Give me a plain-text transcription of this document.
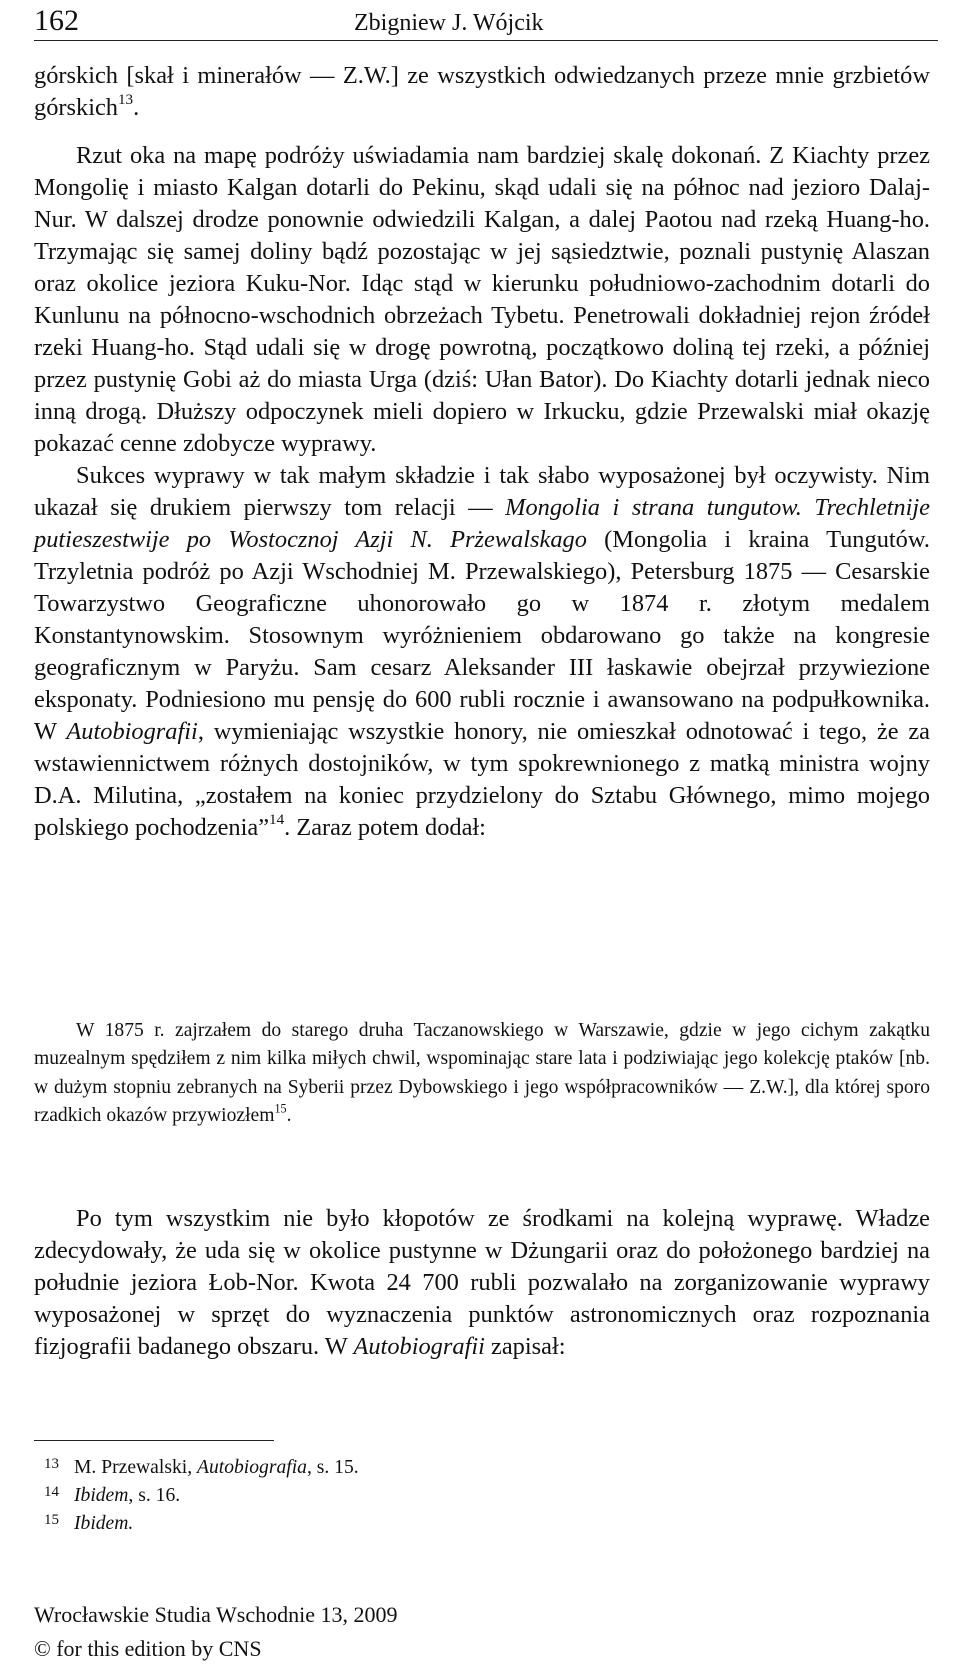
162	Zbigniew J. Wójcik

górskich [skał i minerałów — Z.W.] ze wszystkich odwiedzanych przeze mnie grzbietów górskich$^{13}$.

Rzut oka na mapę podróży uświadamia nam bardziej skalę dokonań. Z Kiachty przez Mongolię i miasto Kalgan dotarli do Pekinu, skąd udali się na północ nad jezioro Dalaj-Nur. W dalszej drodze ponownie odwiedzili Kalgan, a dalej Paotou nad rzeką Huang-ho. Trzymając się samej doliny bądź pozostając w jej sąsiedztwie, poznali pustynię Alaszan oraz okolice jeziora Kuku-Nor. Idąc stąd w kierunku południowo-zachodnim dotarli do Kunlunu na północno-wschodnich obrzeżach Tybetu. Penetrowali dokładniej rejon źródeł rzeki Huang-ho. Stąd udali się w drogę powrotną, początkowo doliną tej rzeki, a później przez pustynię Gobi aż do miasta Urga (dziś: Ułan Bator). Do Kiachty dotarli jednak nieco inną drogą. Dłuższy odpoczynek mieli dopiero w Irkucku, gdzie Przewalski miał okazję pokazać cenne zdobycze wyprawy.

Sukces wyprawy w tak małym składzie i tak słabo wyposażonej był oczywisty. Nim ukazał się drukiem pierwszy tom relacji — Mongolia i strana tungutow. Trechletnije putieszestwije po Wostocznoj Azji N. Prżewalskago (Mongolia i kraina Tungutów. Trzyletnia podróż po Azji Wschodniej M. Przewalskiego), Petersburg 1875 — Cesarskie Towarzystwo Geograficzne uhonorowało go w 1874 r. złotym medalem Konstantynowskim. Stosownym wyróżnieniem obdarowano go także na kongresie geograficznym w Paryżu. Sam cesarz Aleksander III łaskawie obejrzał przywiezione eksponaty. Podniesiono mu pensję do 600 rubli rocznie i awansowano na podpułkownika. W Autobiografii, wymieniając wszystkie honory, nie omieszkał odnotować i tego, że za wstawiennictwem różnych dostojników, w tym spokrewnionego z matką ministra wojny D.A. Milutina, „zostałem na koniec przydzielony do Sztabu Głównego, mimo mojego polskiego pochodzenia”$^{14}$. Zaraz potem dodał:

W 1875 r. zajrzałem do starego druha Taczanowskiego w Warszawie, gdzie w jego cichym zakątku muzealnym spędziłem z nim kilka miłych chwil, wspominając stare lata i podziwiając jego kolekcję ptaków [nb. w dużym stopniu zebranych na Syberii przez Dybowskiego i jego współpracowników — Z.W.], dla której sporo rzadkich okazów przywiozłem$^{15}$.

Po tym wszystkim nie było kłopotów ze środkami na kolejną wyprawę. Władze zdecydowały, że uda się w okolice pustynne w Dżungarii oraz do położonego bardziej na południe jeziora Łob-Nor. Kwota 24 700 rubli pozwalało na zorganizowanie wyprawy wyposażonej w sprzęt do wyznaczenia punktów astronomicznych oraz rozpoznania fizjografii badanego obszaru. W Autobiografii zapisał:

13 M. Przewalski, Autobiografia, s. 15.
14 Ibidem, s. 16.
15 Ibidem.
Wrocławskie Studia Wschodnie 13, 2009
© for this edition by CNS
